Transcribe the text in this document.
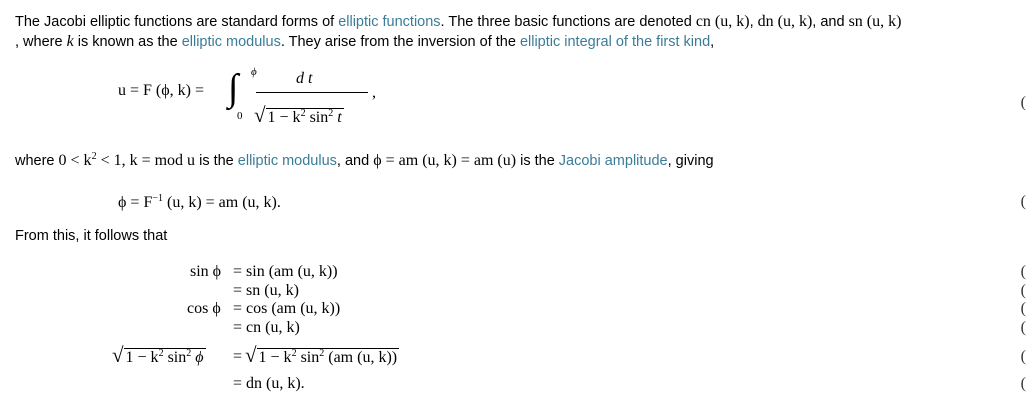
The Jacobi elliptic functions are standard forms of elliptic functions. The three basic functions are denoted cn (u, k), dn (u, k), and sn (u, k)
, where k is known as the elliptic modulus. They arise from the inversion of the elliptic integral of the first kind,
u = F (ϕ, k) = ∫ ϕ
0
d t
√ $1 - k^2$ $\sin^2 t$
,
where $0 < k^2 < 1$, k = mod u is the elliptic modulus, and ϕ = am (u, k) = am (u) is the Jacobi amplitude, giving
$\phi = F^{-1}$ (u, k) = am (u, k).
From this, it follows that
sin ϕ = sin (am (u, k))
= sn (u, k)
cos ϕ = cos (am (u, k))
= cn (u, k)
√ $1 - k^2$ $\sin^2 \phi$ = √ $1 - k^2$ $\sin^2 (am$ (u, k))
= dn (u, k).
(
(
(
(
(
(
(
(
